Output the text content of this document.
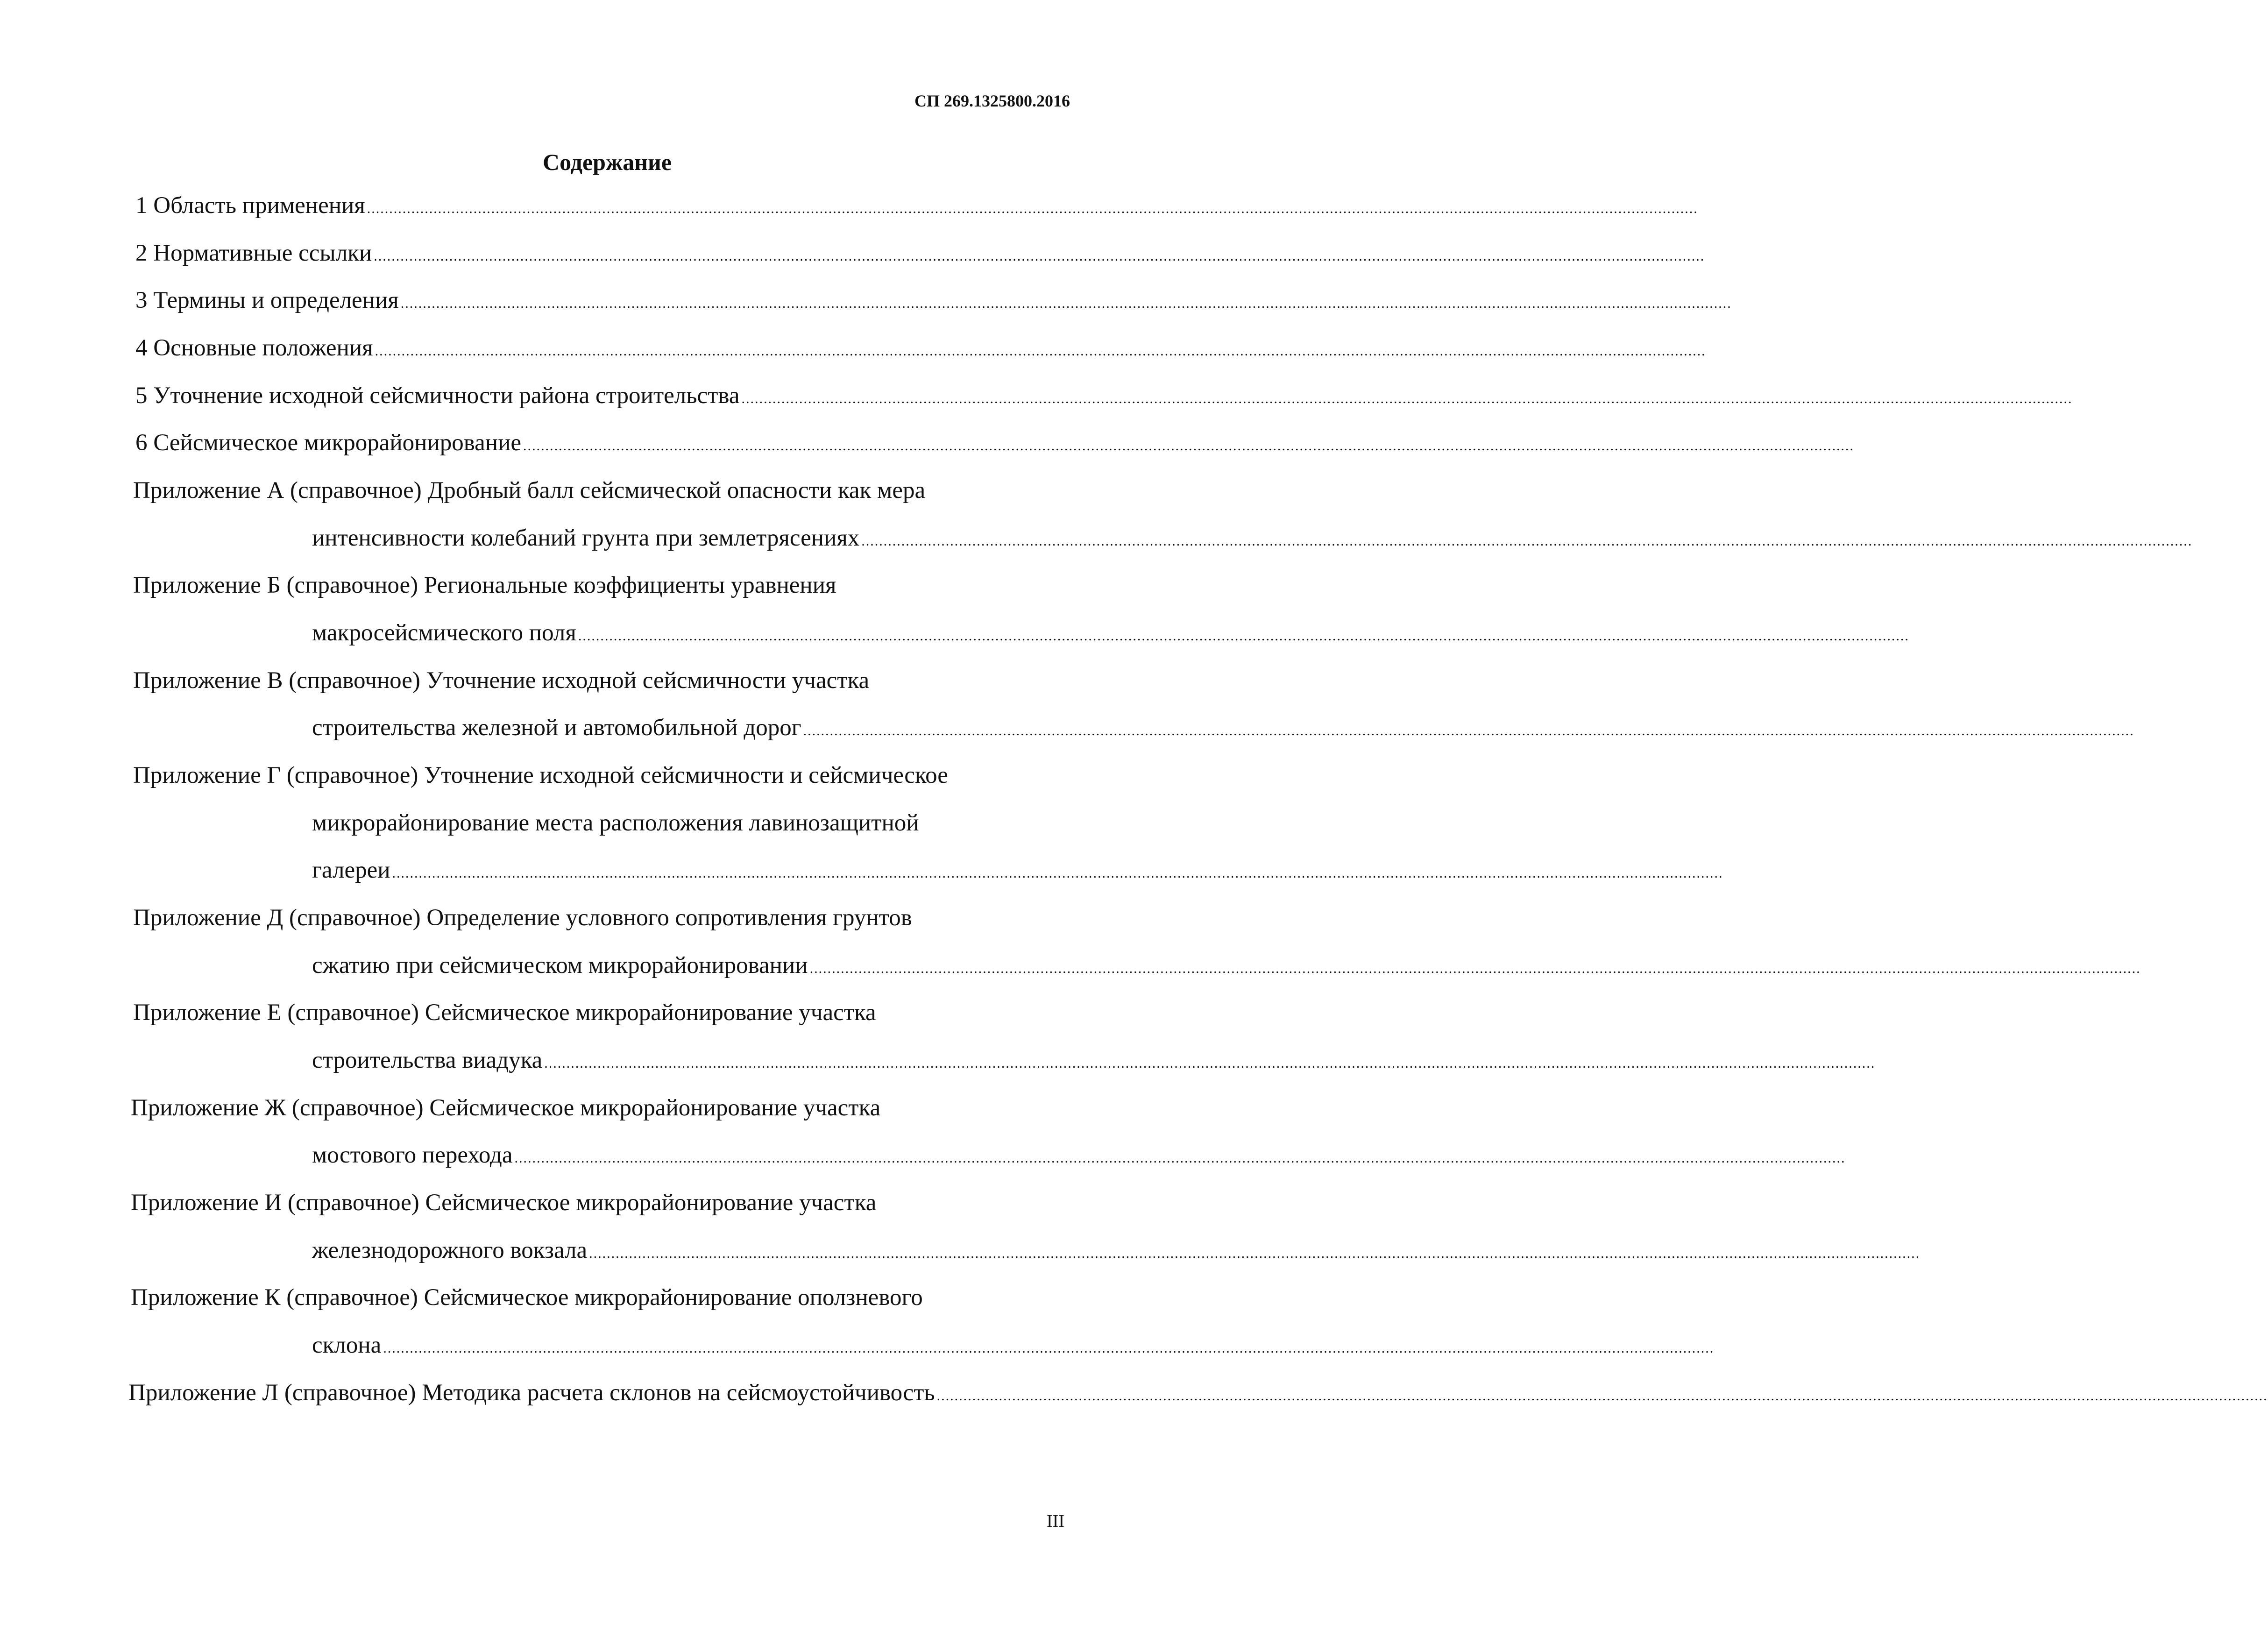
СП 269.1325800.2016
Содержание
1 Область применения ............................................................................................................................................................................................................................................................................................................
2 Нормативные ссылки ............................................................................................................................................................................................................................................................................................................
3 Термины и определения ............................................................................................................................................................................................................................................................................................................
4 Основные положения ............................................................................................................................................................................................................................................................................................................
5 Уточнение исходной сейсмичности района строительства ............................................................................................................................................................................................................................................................................................................
6 Сейсмическое микрорайонирование ............................................................................................................................................................................................................................................................................................................
Приложение А (справочное) Дробный балл сейсмической опасности как мера
интенсивности колебаний грунта при землетрясениях ............................................................................................................................................................................................................................................................................................................
Приложение Б (справочное) Региональные коэффициенты уравнения
макросейсмического поля ............................................................................................................................................................................................................................................................................................................
Приложение В (справочное) Уточнение исходной сейсмичности участка
строительства железной и автомобильной дорог ............................................................................................................................................................................................................................................................................................................
Приложение Г (справочное) Уточнение исходной сейсмичности и сейсмическое
микрорайонирование места расположения лавинозащитной
галереи ............................................................................................................................................................................................................................................................................................................
Приложение Д (справочное) Определение условного сопротивления грунтов
сжатию при сейсмическом микрорайонировании ............................................................................................................................................................................................................................................................................................................
Приложение Е (справочное) Сейсмическое микрорайонирование участка
строительства виадука ............................................................................................................................................................................................................................................................................................................
Приложение Ж (справочное) Сейсмическое микрорайонирование участка
мостового перехода ............................................................................................................................................................................................................................................................................................................
Приложение И (справочное) Сейсмическое микрорайонирование участка
железнодорожного вокзала ............................................................................................................................................................................................................................................................................................................
Приложение К (справочное) Сейсмическое микрорайонирование оползневого
склона ............................................................................................................................................................................................................................................................................................................
Приложение Л (справочное) Методика расчета склонов на сейсмоустойчивость ............................................................................................................................................................................................................................................................................................................
III
